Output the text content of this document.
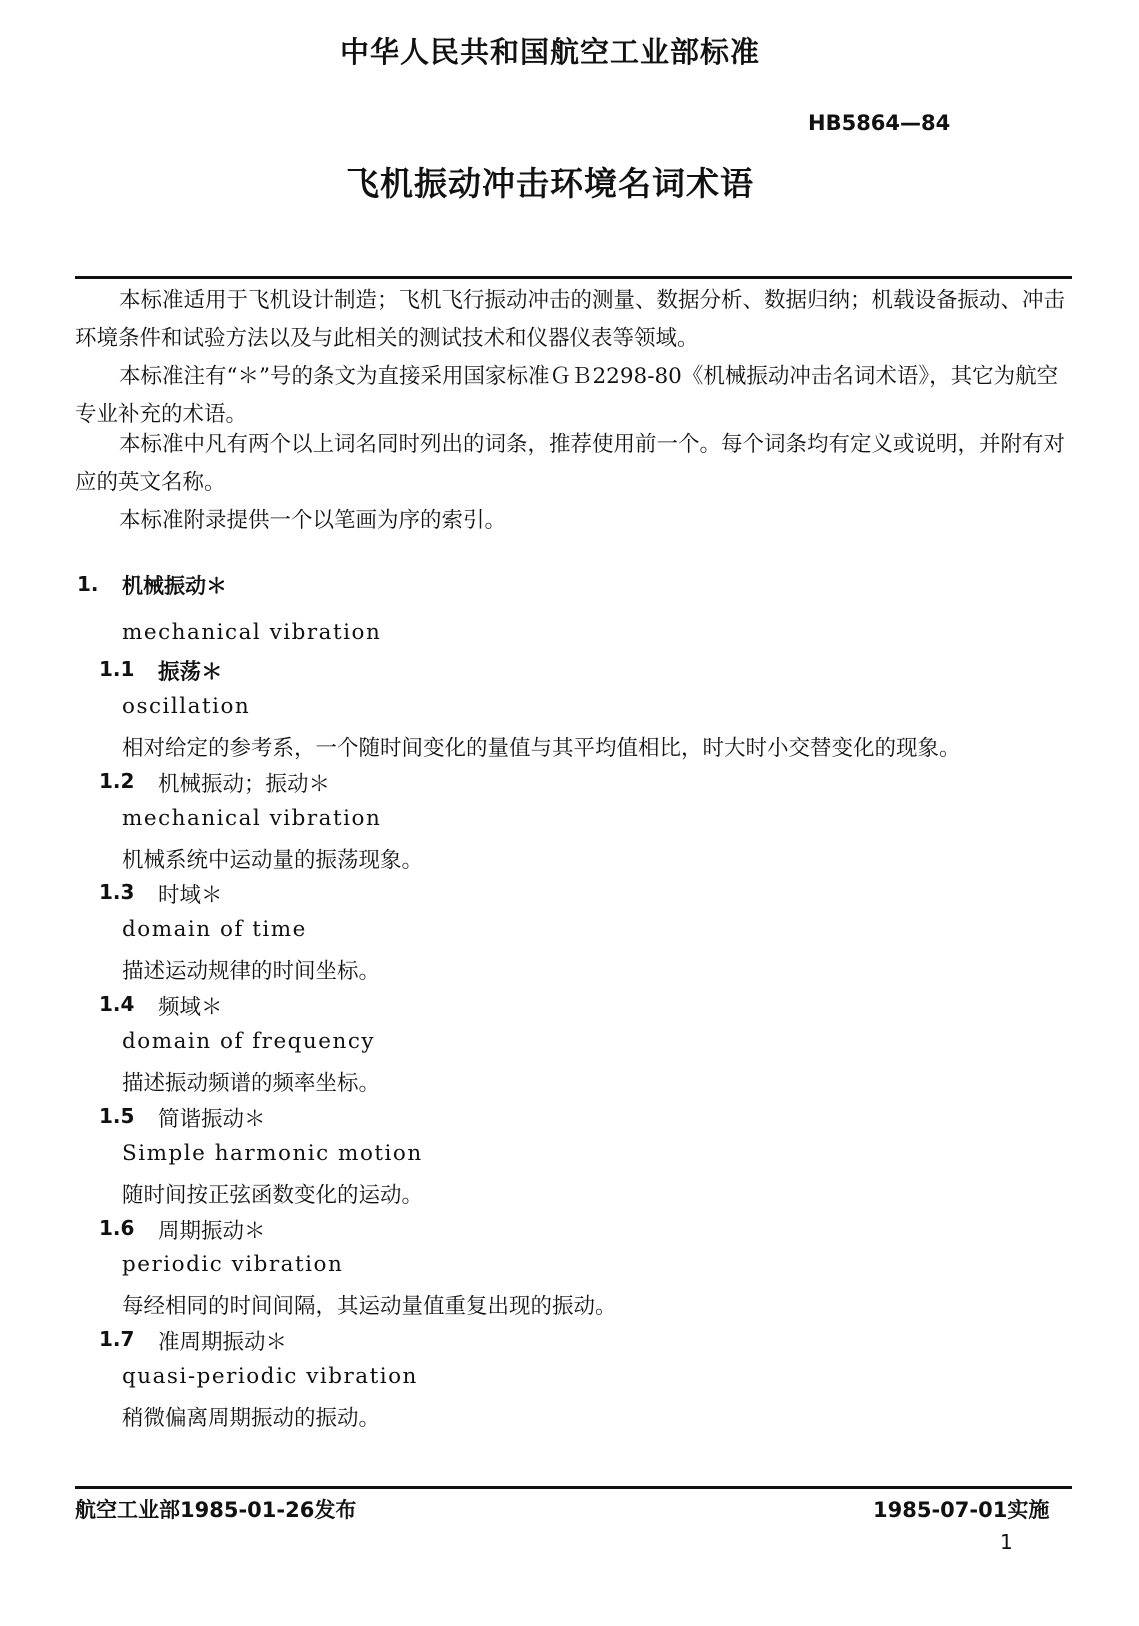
中华人民共和国航空工业部标准
HB5864—84
飞机振动冲击环境名词术语
本标准适用于飞机设计制造；飞机飞行振动冲击的测量、数据分析、数据归纳；机载设备振动、冲击环境条件和试验方法以及与此相关的测试技术和仪器仪表等领域。
本标准注有“＊”号的条文为直接采用国家标准ＧＢ2298-80《机械振动冲击名词术语》，其它为航空专业补充的术语。
本标准中凡有两个以上词名同时列出的词条，推荐使用前一个。每个词条均有定义或说明，并附有对应的英文名称。
本标准附录提供一个以笔画为序的索引。
1. 机械振动＊
mechanical vibration
1.1 振荡＊
oscillation
相对给定的参考系，一个随时间变化的量值与其平均值相比，时大时小交替变化的现象。
1.2 机械振动；振动＊
mechanical vibration
机械系统中运动量的振荡现象。
1.3 时域＊
domain of time
描述运动规律的时间坐标。
1.4 频域＊
domain of frequency
描述振动频谱的频率坐标。
1.5 简谐振动＊
Simple harmonic motion
随时间按正弦函数变化的运动。
1.6 周期振动＊
periodic vibration
每经相同的时间间隔，其运动量值重复出现的振动。
1.7 准周期振动＊
quasi-periodic vibration
稍微偏离周期振动的振动。
航空工业部1985-01-26发布	1985-07-01实施
1
